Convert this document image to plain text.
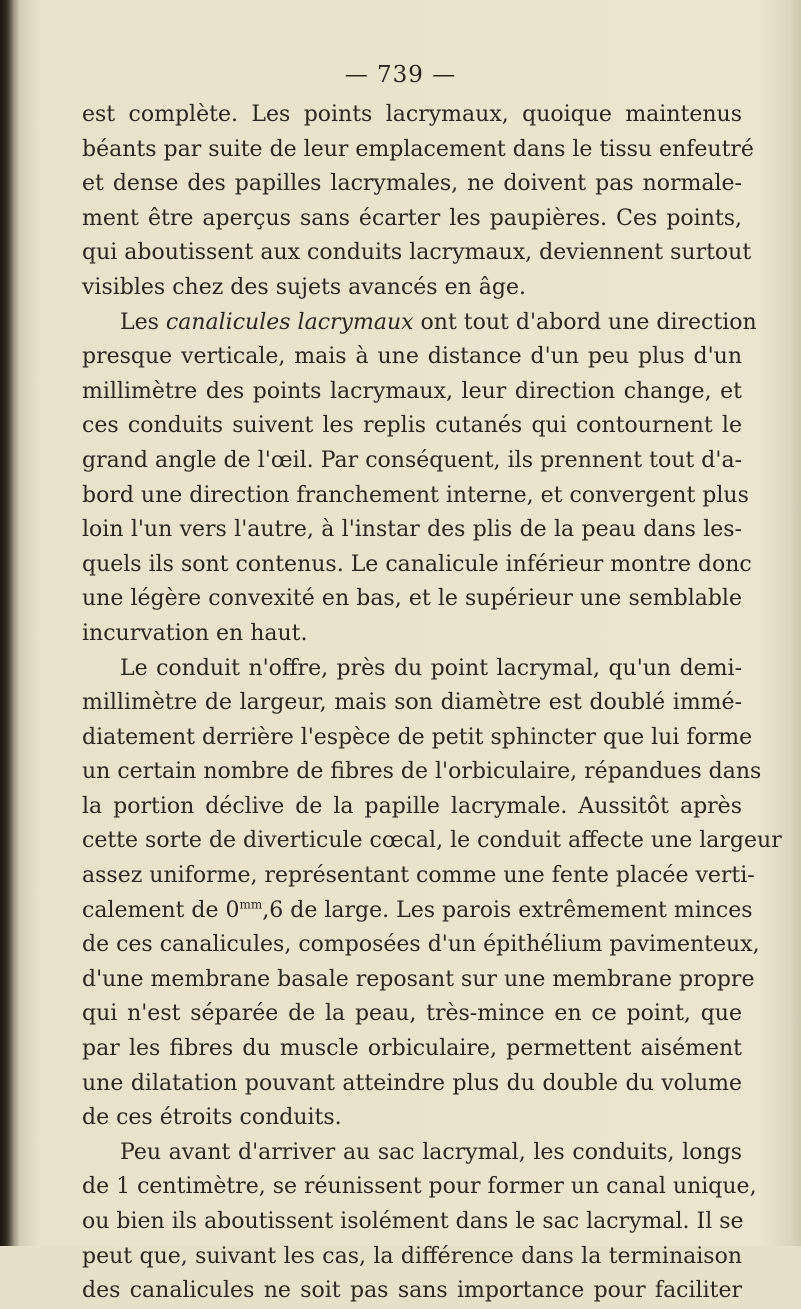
— 739 —
est complète. Les points lacrymaux, quoique maintenus
béants par suite de leur emplacement dans le tissu enfeutré
et dense des papilles lacrymales, ne doivent pas normale-
ment être aperçus sans écarter les paupières. Ces points,
qui aboutissent aux conduits lacrymaux, deviennent surtout
visibles chez des sujets avancés en âge.
Les canalicules lacrymaux ont tout d'abord une direction
presque verticale, mais à une distance d'un peu plus d'un
millimètre des points lacrymaux, leur direction change, et
ces conduits suivent les replis cutanés qui contournent le
grand angle de l'œil. Par conséquent, ils prennent tout d'a-
bord une direction franchement interne, et convergent plus
loin l'un vers l'autre, à l'instar des plis de la peau dans les-
quels ils sont contenus. Le canalicule inférieur montre donc
une légère convexité en bas, et le supérieur une semblable
incurvation en haut.
Le conduit n'offre, près du point lacrymal, qu'un demi-
millimètre de largeur, mais son diamètre est doublé immé-
diatement derrière l'espèce de petit sphincter que lui forme
un certain nombre de fibres de l'orbiculaire, répandues dans
la portion déclive de la papille lacrymale. Aussitôt après
cette sorte de diverticule cœcal, le conduit affecte une largeur
assez uniforme, représentant comme une fente placée verti-
calement de $0^{mm},6$ de large. Les parois extrêmement minces
de ces canalicules, composées d'un épithélium pavimenteux,
d'une membrane basale reposant sur une membrane propre
qui n'est séparée de la peau, très-mince en ce point, que
par les fibres du muscle orbiculaire, permettent aisément
une dilatation pouvant atteindre plus du double du volume
de ces étroits conduits.
Peu avant d'arriver au sac lacrymal, les conduits, longs
de 1 centimètre, se réunissent pour former un canal unique,
ou bien ils aboutissent isolément dans le sac lacrymal. Il se
peut que, suivant les cas, la différence dans la terminaison
des canalicules ne soit pas sans importance pour faciliter
